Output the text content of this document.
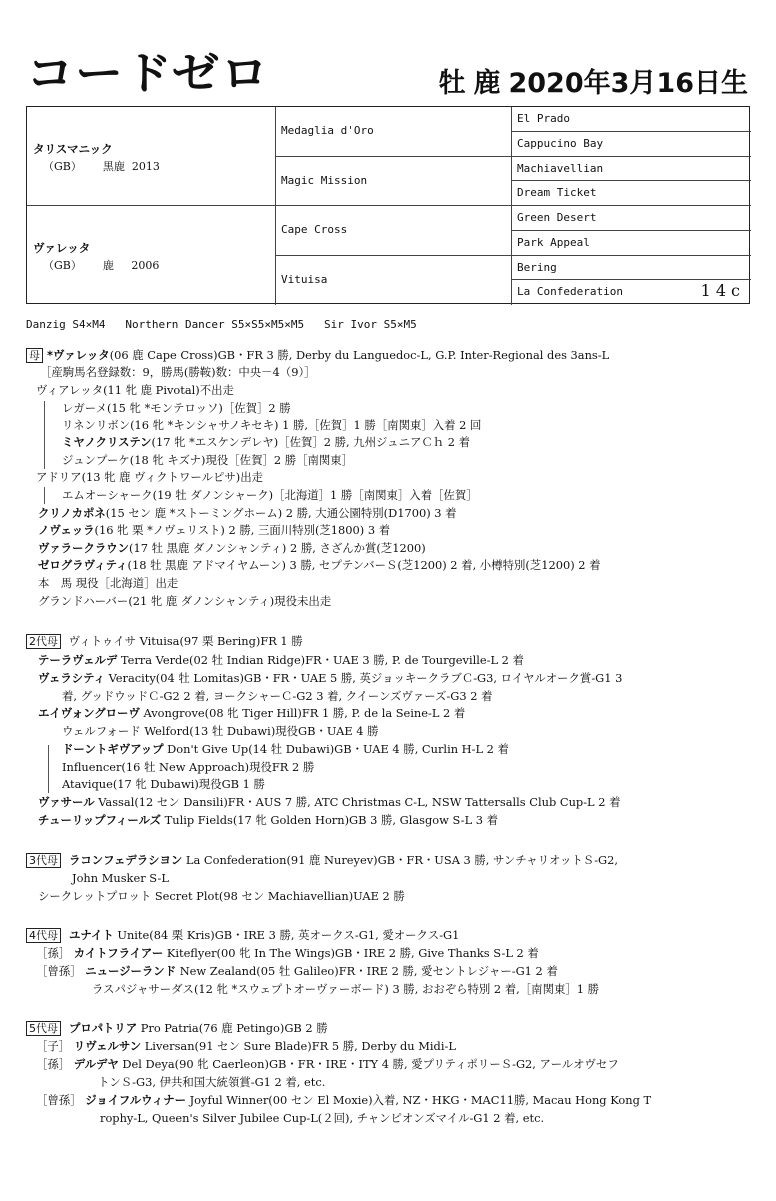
コードゼロ	牡 鹿 2020年3月16日生
タリスマニック
（GB）      黒鹿  2013
ヴァレッタ
（GB）      鹿     2006
Medaglia d'Oro
Magic Mission
Cape Cross
Vituisa
El Prado
Cappucino Bay
Machiavellian
Dream Ticket
Green Desert
Park Appeal
Bering
La Confederation	14c
Danzig S4×M4   Northern Dancer S5×S5×M5×M5   Sir Ivor S5×M5
母 *ヴァレッタ(06 鹿 Cape Cross)GB・FR 3 勝, Derby du Languedoc-L, G.P. Inter-Regional des 3ans-L
［産駒馬名登録数：9，勝馬(勝鞍)数：中央－4（9）］
ヴィアレッタ(11 牝 鹿 Pivotal)不出走
レガーメ(15 牝 *モンテロッソ)［佐賀］2 勝
リネンリボン(16 牝 *キンシャサノキセキ) 1 勝,［佐賀］1 勝［南関東］入着 2 回
ミヤノクリステン(17 牝 *エスケンデレヤ)［佐賀］2 勝, 九州ジュニアＣｈ 2 着
ジュンプーケ(18 牝 キズナ)現役［佐賀］2 勝［南関東］
アドリア(13 牝 鹿 ヴィクトワールピサ)出走
エムオーシャーク(19 牡 ダノンシャーク)［北海道］1 勝［南関東］入着［佐賀］
クリノカポネ(15 セン 鹿 *ストーミングホーム) 2 勝, 大通公園特別(D1700) 3 着
ノヴェッラ(16 牝 栗 *ノヴェリスト) 2 勝, 三面川特別(芝1800) 3 着
ヴァラークラウン(17 牡 黒鹿 ダノンシャンティ) 2 勝, さざんか賞(芝1200)
ゼログラヴィティ(18 牡 黒鹿 アドマイヤムーン) 3 勝, セプテンバーＳ(芝1200) 2 着, 小樽特別(芝1200) 2 着
本　馬 現役［北海道］出走
グランドハーバー(21 牝 鹿 ダノンシャンティ)現役未出走
2代母 ヴィトゥイサ Vituisa(97 栗 Bering)FR 1 勝
テーラヴェルデ Terra Verde(02 牡 Indian Ridge)FR・UAE 3 勝, P. de Tourgeville-L 2 着
ヴェラシティ Veracity(04 牡 Lomitas)GB・FR・UAE 5 勝, 英ジョッキークラブＣ-G3, ロイヤルオーク賞-G1 3
着, グッドウッドＣ-G2 2 着, ヨークシャーＣ-G2 3 着, クイーンズヴァーズ-G3 2 着
エイヴォングローヴ Avongrove(08 牝 Tiger Hill)FR 1 勝, P. de la Seine-L 2 着
ウェルフォード Welford(13 牡 Dubawi)現役GB・UAE 4 勝
ドーントギヴアップ Don't Give Up(14 牡 Dubawi)GB・UAE 4 勝, Curlin H-L 2 着
Influencer(16 牡 New Approach)現役FR 2 勝
Atavique(17 牝 Dubawi)現役GB 1 勝
ヴァサール Vassal(12 セン Dansili)FR・AUS 7 勝, ATC Christmas C-L, NSW Tattersalls Club Cup-L 2 着
チューリップフィールズ Tulip Fields(17 牝 Golden Horn)GB 3 勝, Glasgow S-L 3 着
3代母 ラコンフェデラシヨン La Confederation(91 鹿 Nureyev)GB・FR・USA 3 勝, サンチャリオットＳ-G2,
John Musker S-L
シークレットプロット Secret Plot(98 セン Machiavellian)UAE 2 勝
4代母 ユナイト Unite(84 栗 Kris)GB・IRE 3 勝, 英オークス-G1, 愛オークス-G1
［孫］ カイトフライアー Kiteflyer(00 牝 In The Wings)GB・IRE 2 勝, Give Thanks S-L 2 着
［曾孫］ ニュージーランド New Zealand(05 牡 Galileo)FR・IRE 2 勝, 愛セントレジャー-G1 2 着
ラスパジャサーダス(12 牝 *スウェプトオーヴァーボード) 3 勝, おおぞら特別 2 着,［南関東］1 勝
5代母 プロパトリア Pro Patria(76 鹿 Petingo)GB 2 勝
［子］ リヴェルサン Liversan(91 セン Sure Blade)FR 5 勝, Derby du Midi-L
［孫］ デルデヤ Del Deya(90 牝 Caerleon)GB・FR・IRE・ITY 4 勝, 愛プリティポリーＳ-G2, アールオヴセフ
トンＳ-G3, 伊共和国大統領賞-G1 2 着, etc.
［曾孫］ ジョイフルウィナー Joyful Winner(00 セン El Moxie)入着, NZ・HKG・MAC11勝, Macau Hong Kong T
rophy-L, Queen's Silver Jubilee Cup-L(２回), チャンピオンズマイル-G1 2 着, etc.
